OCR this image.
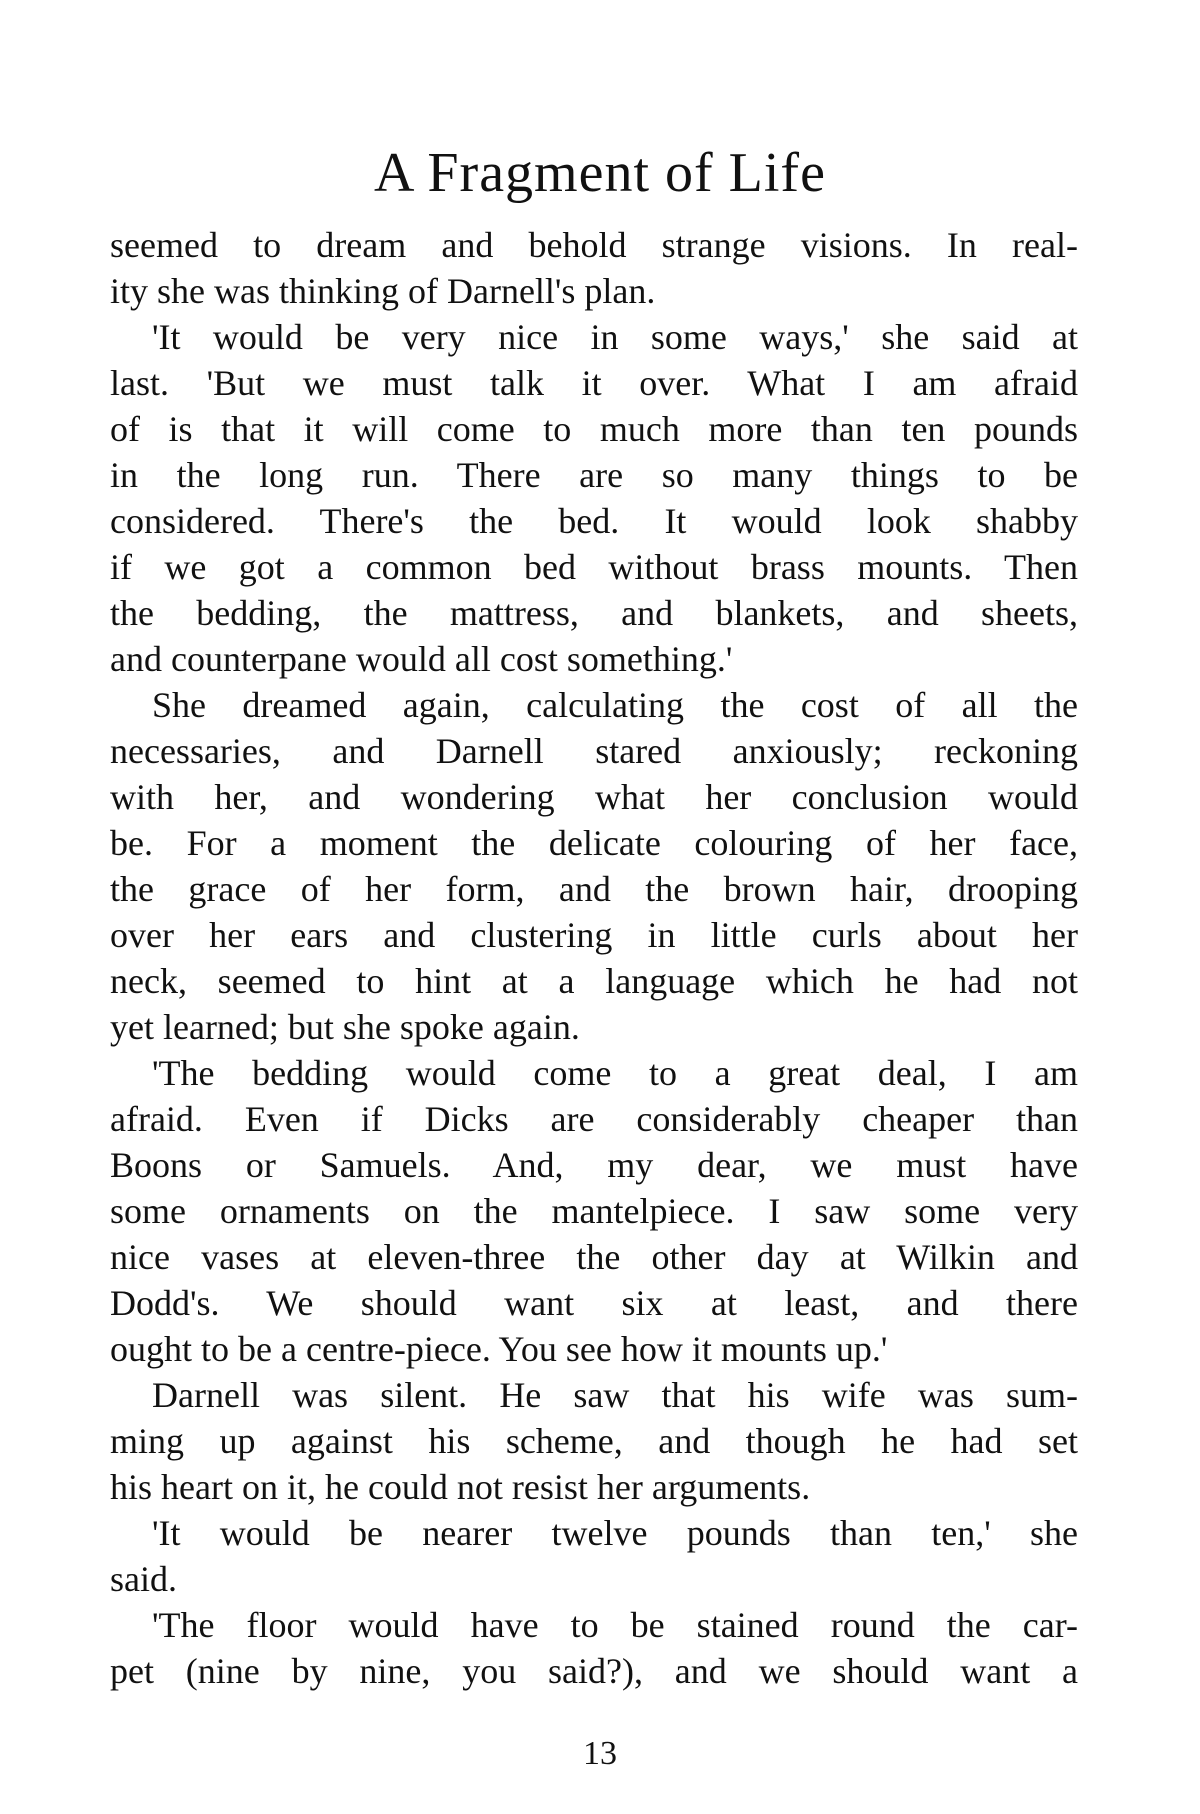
A Fragment of Life
seemed to dream and behold strange visions. In real-
ity she was thinking of Darnell's plan.
'It would be very nice in some ways,' she said at
last. 'But we must talk it over. What I am afraid
of is that it will come to much more than ten pounds
in the long run. There are so many things to be
considered. There's the bed. It would look shabby
if we got a common bed without brass mounts. Then
the bedding, the mattress, and blankets, and sheets,
and counterpane would all cost something.'
She dreamed again, calculating the cost of all the
necessaries, and Darnell stared anxiously; reckoning
with her, and wondering what her conclusion would
be. For a moment the delicate colouring of her face,
the grace of her form, and the brown hair, drooping
over her ears and clustering in little curls about her
neck, seemed to hint at a language which he had not
yet learned; but she spoke again.
'The bedding would come to a great deal, I am
afraid. Even if Dicks are considerably cheaper than
Boons or Samuels. And, my dear, we must have
some ornaments on the mantelpiece. I saw some very
nice vases at eleven-three the other day at Wilkin and
Dodd's. We should want six at least, and there
ought to be a centre-piece. You see how it mounts up.'
Darnell was silent. He saw that his wife was sum-
ming up against his scheme, and though he had set
his heart on it, he could not resist her arguments.
'It would be nearer twelve pounds than ten,' she
said.
'The floor would have to be stained round the car-
pet (nine by nine, you said?), and we should want a
13
